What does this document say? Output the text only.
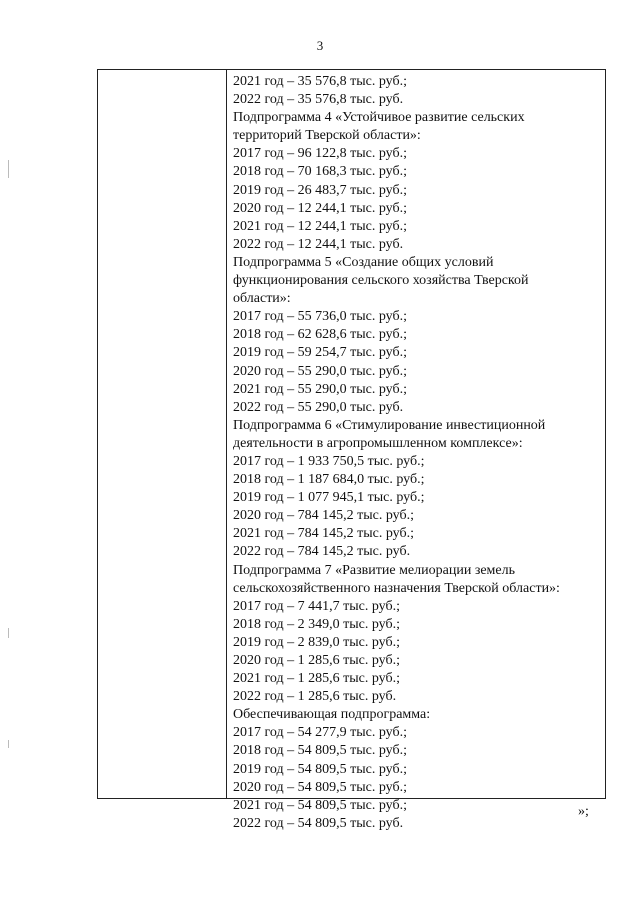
3
2021 год – 35 576,8 тыс. руб.;
2022 год – 35 576,8 тыс. руб.
Подпрограмма 4 «Устойчивое развитие сельских
территорий Тверской области»:
2017 год – 96 122,8 тыс. руб.;
2018 год – 70 168,3 тыс. руб.;
2019 год – 26 483,7 тыс. руб.;
2020 год – 12 244,1 тыс. руб.;
2021 год – 12 244,1 тыс. руб.;
2022 год – 12 244,1 тыс. руб.
Подпрограмма 5 «Создание общих условий
функционирования сельского хозяйства Тверской
области»:
2017 год – 55 736,0 тыс. руб.;
2018 год – 62 628,6 тыс. руб.;
2019 год – 59 254,7 тыс. руб.;
2020 год – 55 290,0 тыс. руб.;
2021 год – 55 290,0 тыс. руб.;
2022 год – 55 290,0 тыс. руб.
Подпрограмма 6 «Стимулирование инвестиционной
деятельности в агропромышленном комплексе»:
2017 год – 1 933 750,5 тыс. руб.;
2018 год – 1 187 684,0 тыс. руб.;
2019 год – 1 077 945,1 тыс. руб.;
2020 год – 784 145,2 тыс. руб.;
2021 год – 784 145,2 тыс. руб.;
2022 год – 784 145,2 тыс. руб.
Подпрограмма 7 «Развитие мелиорации земель
сельскохозяйственного назначения Тверской области»:
2017 год – 7 441,7 тыс. руб.;
2018 год – 2 349,0 тыс. руб.;
2019 год – 2 839,0 тыс. руб.;
2020 год – 1 285,6 тыс. руб.;
2021 год – 1 285,6 тыс. руб.;
2022 год – 1 285,6 тыс. руб.
Обеспечивающая подпрограмма:
2017 год – 54 277,9 тыс. руб.;
2018 год – 54 809,5 тыс. руб.;
2019 год – 54 809,5 тыс. руб.;
2020 год – 54 809,5 тыс. руб.;
2021 год – 54 809,5 тыс. руб.;
2022 год – 54 809,5 тыс. руб.
»;
